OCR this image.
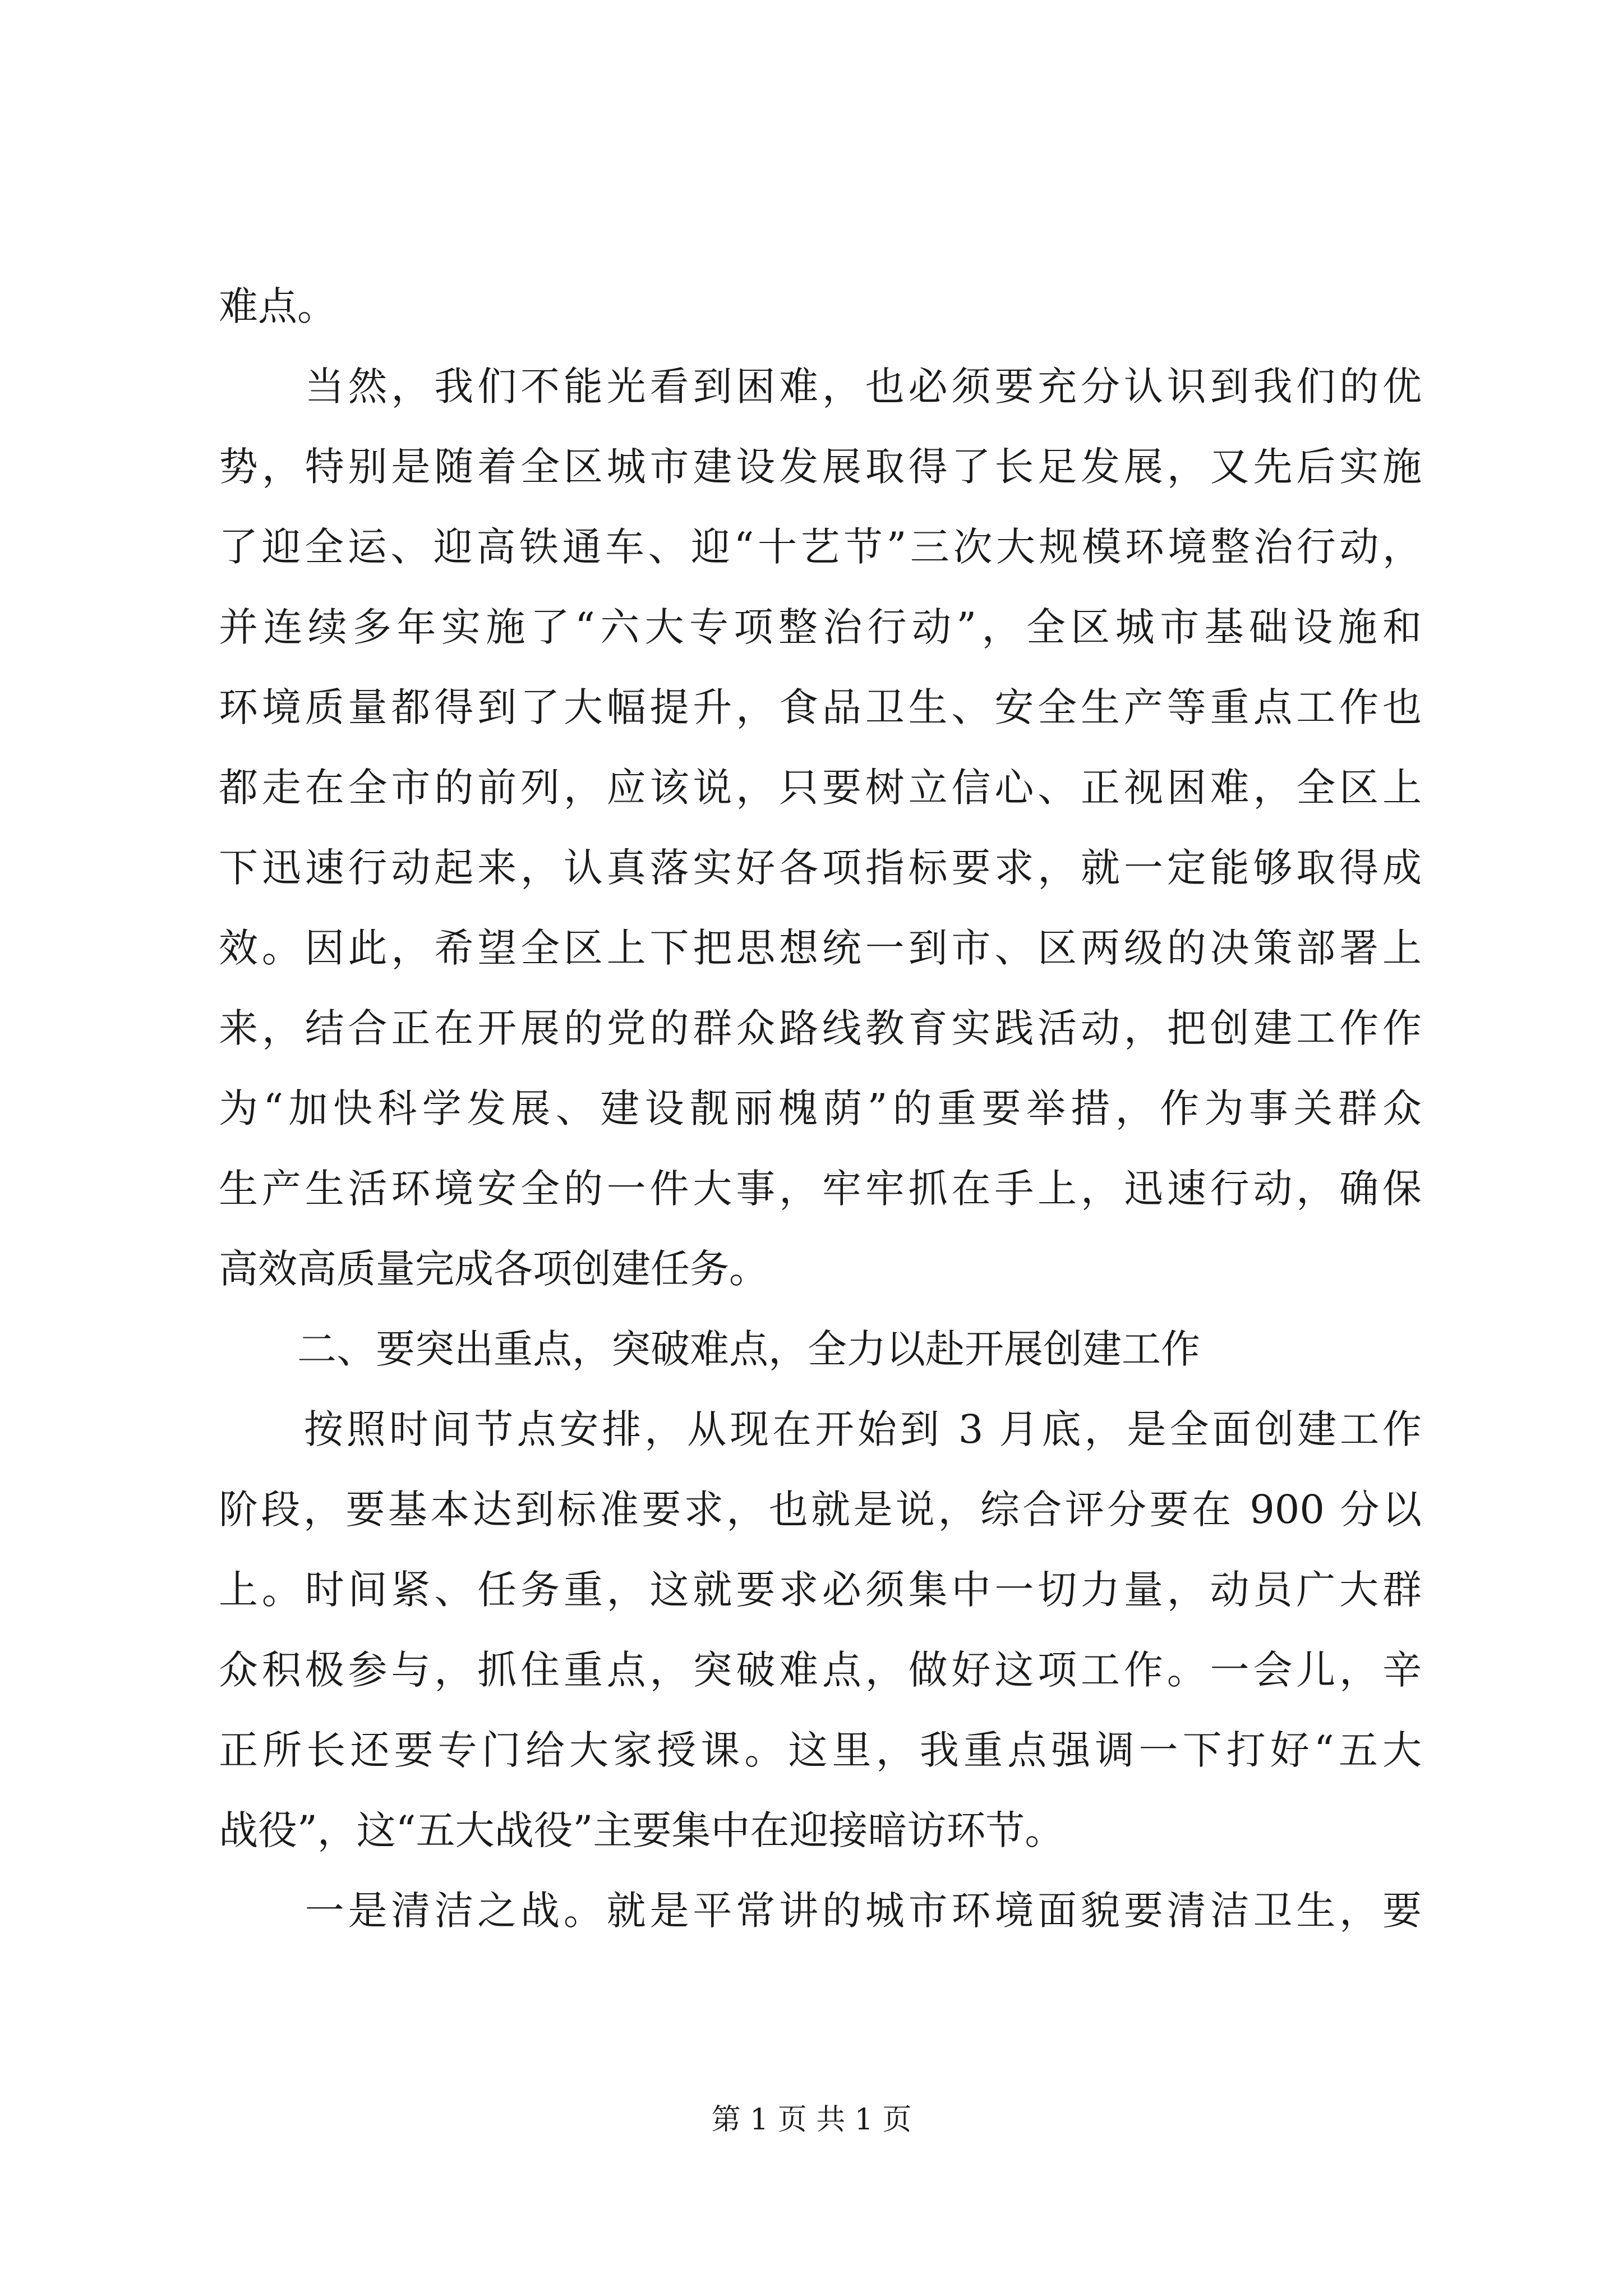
难点。
　　当然，我们不能光看到困难，也必须要充分认识到我们的优
势，特别是随着全区城市建设发展取得了长足发展，又先后实施
了迎全运、迎高铁通车、迎“十艺节”三次大规模环境整治行动，
并连续多年实施了“六大专项整治行动”，全区城市基础设施和
环境质量都得到了大幅提升，食品卫生、安全生产等重点工作也
都走在全市的前列，应该说，只要树立信心、正视困难，全区上
下迅速行动起来，认真落实好各项指标要求，就一定能够取得成
效。因此，希望全区上下把思想统一到市、区两级的决策部署上
来，结合正在开展的党的群众路线教育实践活动，把创建工作作
为“加快科学发展、建设靓丽槐荫”的重要举措，作为事关群众
生产生活环境安全的一件大事，牢牢抓在手上，迅速行动，确保
高效高质量完成各项创建任务。
　　二、要突出重点，突破难点，全力以赴开展创建工作
　　按照时间节点安排，从现在开始到 3 月底，是全面创建工作
阶段，要基本达到标准要求，也就是说，综合评分要在 900 分以
上。时间紧、任务重，这就要求必须集中一切力量，动员广大群
众积极参与，抓住重点，突破难点，做好这项工作。一会儿，辛
正所长还要专门给大家授课。这里，我重点强调一下打好“五大
战役”，这“五大战役”主要集中在迎接暗访环节。
　　一是清洁之战。就是平常讲的城市环境面貌要清洁卫生，要
第 1 页 共 1 页
